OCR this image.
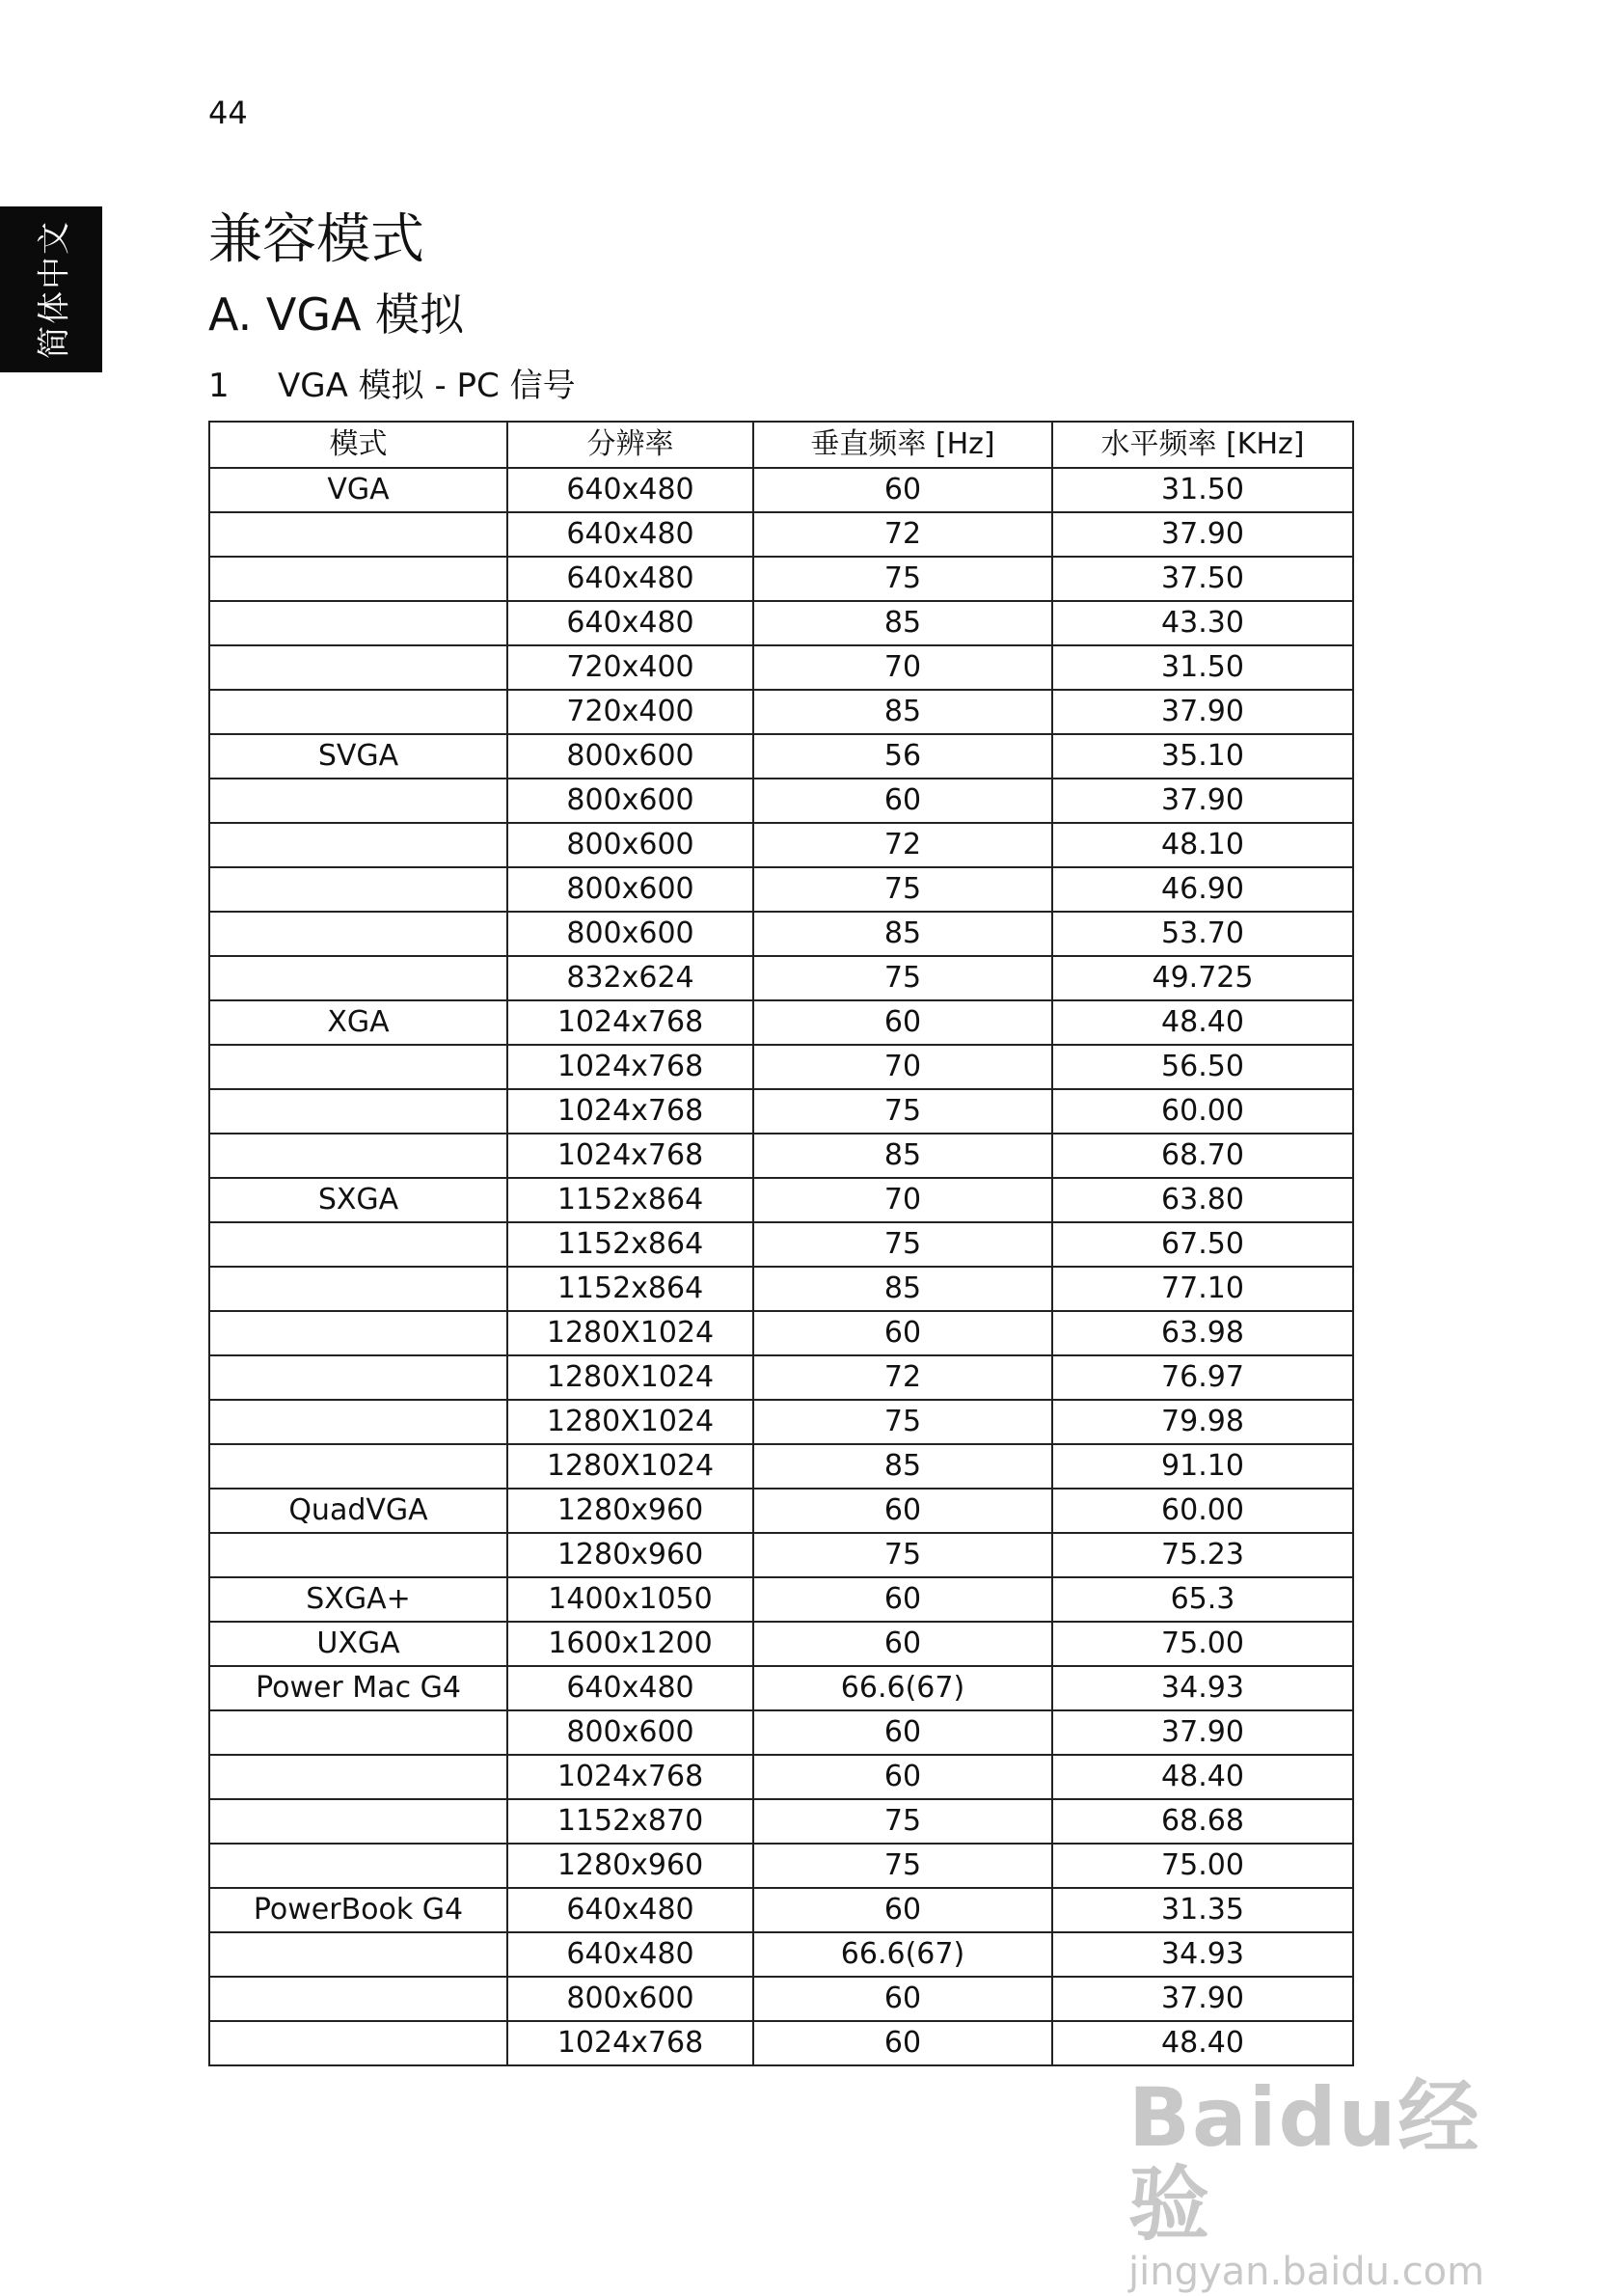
44
简体中文 兼容模式
A. VGA 模拟
1 VGA 模拟 - PC 信号
模式	分辨率	垂直频率 [Hz]	水平频率 [KHz]
VGA	640x480	60	31.50
	640x480	72	37.90
	640x480	75	37.50
	640x480	85	43.30
	720x400	70	31.50
	720x400	85	37.90
SVGA	800x600	56	35.10
	800x600	60	37.90
	800x600	72	48.10
	800x600	75	46.90
	800x600	85	53.70
	832x624	75	49.725
XGA	1024x768	60	48.40
	1024x768	70	56.50
	1024x768	75	60.00
	1024x768	85	68.70
SXGA	1152x864	70	63.80
	1152x864	75	67.50
	1152x864	85	77.10
	1280X1024	60	63.98
	1280X1024	72	76.97
	1280X1024	75	79.98
	1280X1024	85	91.10
QuadVGA	1280x960	60	60.00
	1280x960	75	75.23
SXGA+	1400x1050	60	65.3
UXGA	1600x1200	60	75.00
Power Mac G4	640x480	66.6(67)	34.93
	800x600	60	37.90
	1024x768	60	48.40
	1152x870	75	68.68
	1280x960	75	75.00
PowerBook G4	640x480	60	31.35
	640x480	66.6(67)	34.93
	800x600	60	37.90
	1024x768	60	48.40
Baidu经验
jingyan.baidu.com
